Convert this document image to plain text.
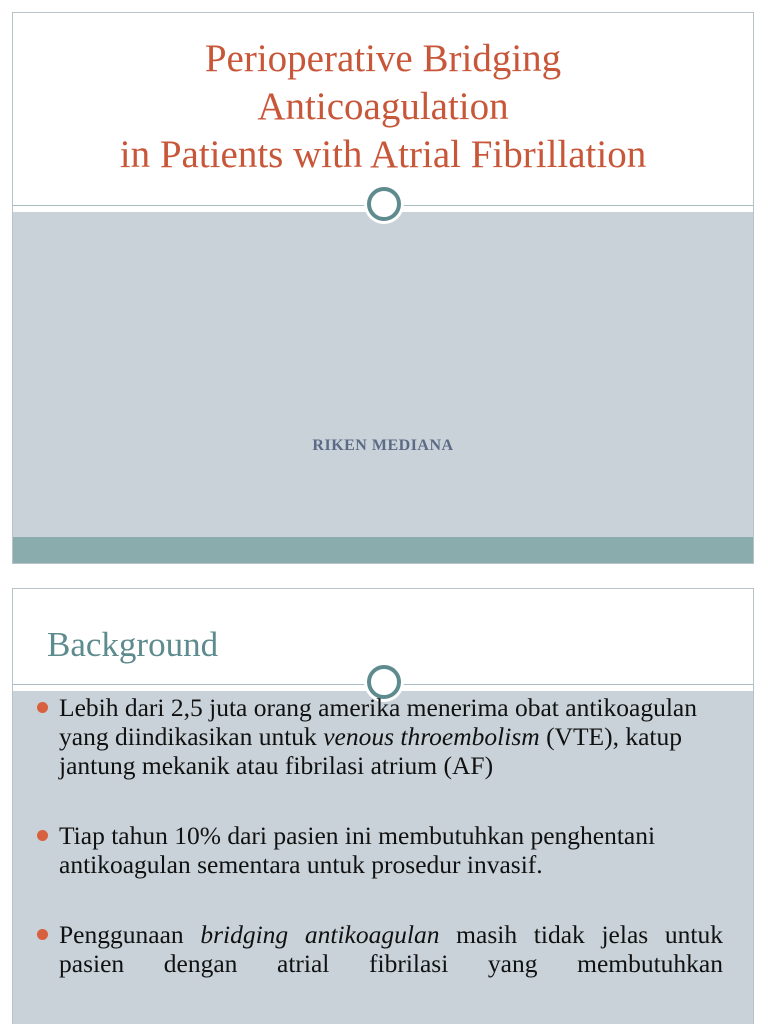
Perioperative Bridging
Anticoagulation
in Patients with Atrial Fibrillation
RIKEN MEDIANA
Background
Lebih dari 2,5 juta orang amerika menerima obat antikoagulan yang diindikasikan untuk venous throembolism (VTE), katup jantung mekanik atau fibrilasi atrium (AF)
Tiap tahun 10% dari pasien ini membutuhkan penghentani antikoagulan sementara untuk prosedur invasif.
Penggunaan bridging antikoagulan masih tidak jelas untuk pasien dengan atrial fibrilasi yang membutuhkan
